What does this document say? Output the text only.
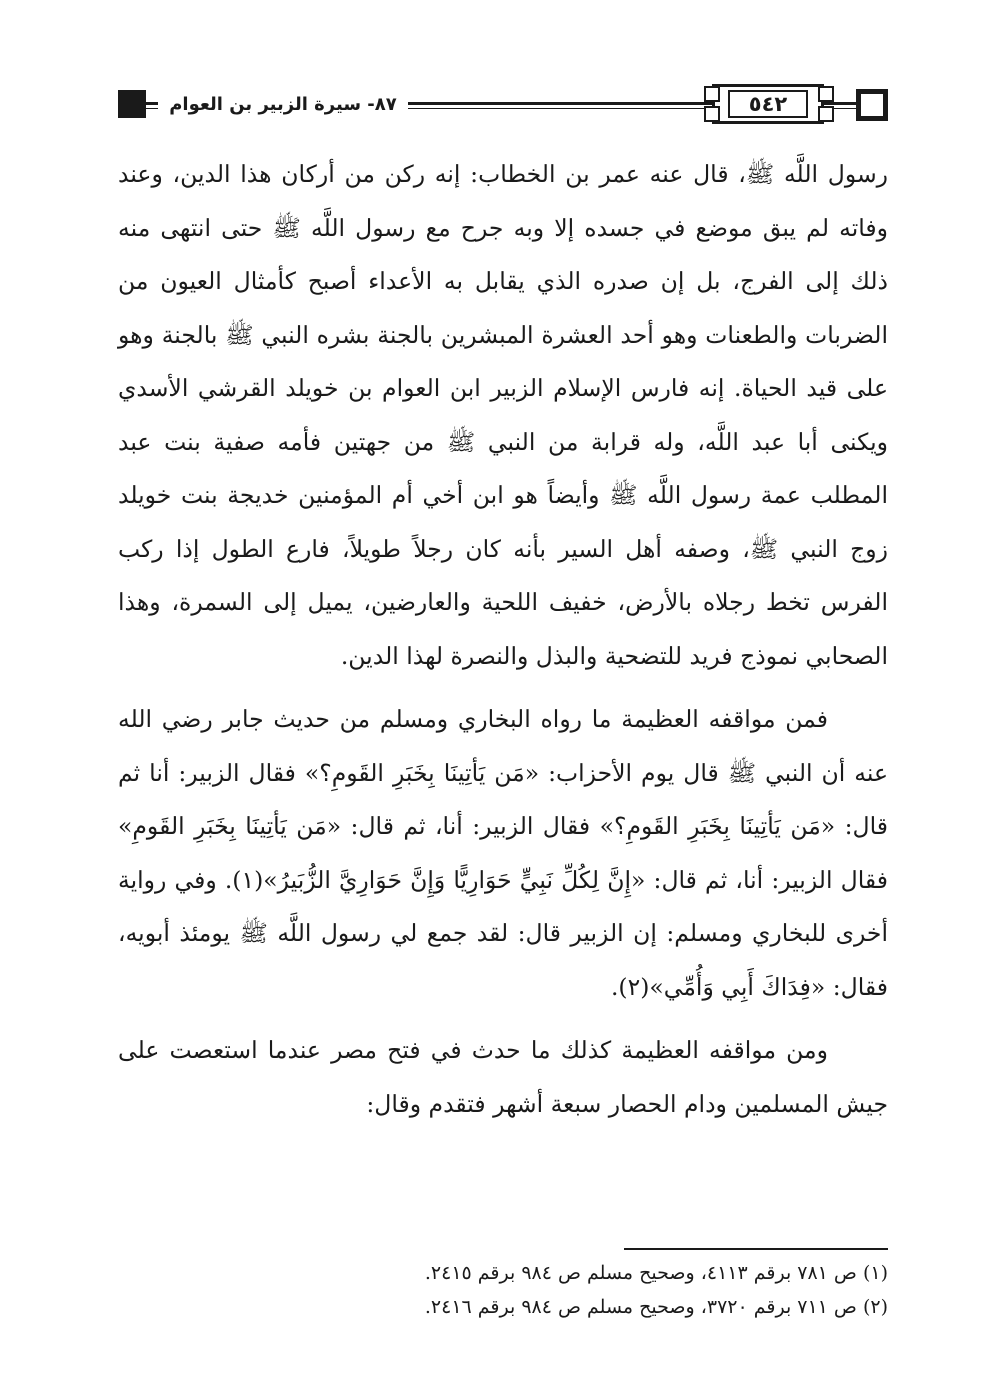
٨٧- سيرة الزبير بن العوام	٥٤٢

رسول اللَّه ﷺ، قال عنه عمر بن الخطاب: إنه ركن من أركان هذا الدين، وعند وفاته لم يبق موضع في جسده إلا وبه جرح مع رسول اللَّه ﷺ حتى انتهى منه ذلك إلى الفرج، بل إن صدره الذي يقابل به الأعداء أصبح كأمثال العيون من الضربات والطعنات وهو أحد العشرة المبشرين بالجنة بشره النبي ﷺ بالجنة وهو على قيد الحياة. إنه فارس الإسلام الزبير ابن العوام بن خويلد القرشي الأسدي ويكنى أبا عبد اللَّه، وله قرابة من النبي ﷺ من جهتين فأمه صفية بنت عبد المطلب عمة رسول اللَّه ﷺ وأيضاً هو ابن أخي أم المؤمنين خديجة بنت خويلد زوج النبي ﷺ، وصفه أهل السير بأنه كان رجلاً طويلاً، فارع الطول إذا ركب الفرس تخط رجلاه بالأرض، خفيف اللحية والعارضين، يميل إلى السمرة، وهذا الصحابي نموذج فريد للتضحية والبذل والنصرة لهذا الدين.

فمن مواقفه العظيمة ما رواه البخاري ومسلم من حديث جابر رضي الله عنه أن النبي ﷺ قال يوم الأحزاب: «مَن يَأتِينَا بِخَبَرِ القَومِ؟» فقال الزبير: أنا ثم قال: «مَن يَأتِينَا بِخَبَرِ القَومِ؟» فقال الزبير: أنا، ثم قال: «مَن يَأتِينَا بِخَبَرِ القَومِ» فقال الزبير: أنا، ثم قال: «إِنَّ لِكُلِّ نَبِيٍّ حَوَارِيًّا وَإِنَّ حَوَارِيَّ الزُّبَيرُ»(١). وفي رواية أخرى للبخاري ومسلم: إن الزبير قال: لقد جمع لي رسول اللَّه ﷺ يومئذ أبويه، فقال: «فِدَاكَ أَبِي وَأُمِّي»(٢).

ومن مواقفه العظيمة كذلك ما حدث في فتح مصر عندما استعصت على جيش المسلمين ودام الحصار سبعة أشهر فتقدم وقال:

(١) ص ٧٨١ برقم ٤١١٣، وصحيح مسلم ص ٩٨٤ برقم ٢٤١٥.
(٢) ص ٧١١ برقم ٣٧٢٠، وصحيح مسلم ص ٩٨٤ برقم ٢٤١٦.
